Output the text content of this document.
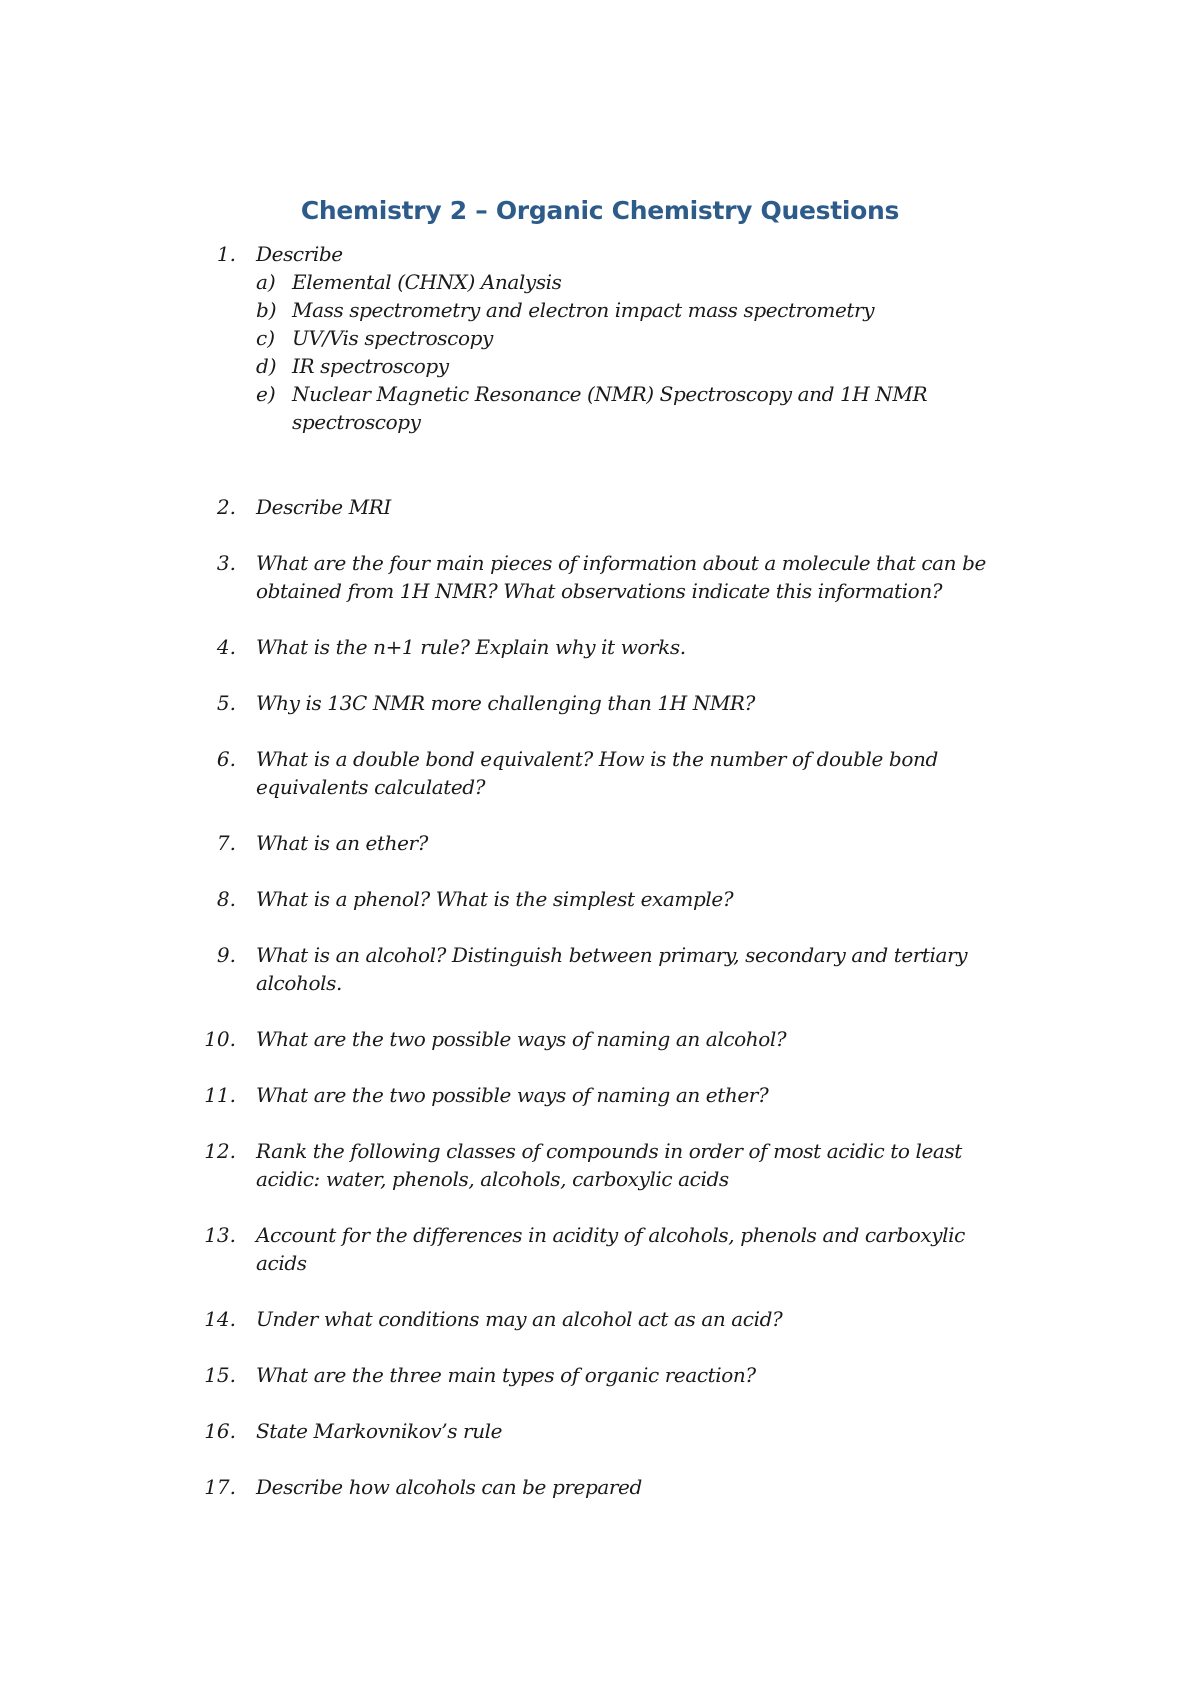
Chemistry 2 – Organic Chemistry Questions
1. Describe
a) Elemental (CHNX) Analysis
b) Mass spectrometry and electron impact mass spectrometry
c) UV/Vis spectroscopy
d) IR spectroscopy
e) Nuclear Magnetic Resonance (NMR) Spectroscopy and 1H NMR spectroscopy
2. Describe MRI
3. What are the four main pieces of information about a molecule that can be obtained from 1H NMR? What observations indicate this information?
4. What is the n+1 rule? Explain why it works.
5. Why is 13C NMR more challenging than 1H NMR?
6. What is a double bond equivalent? How is the number of double bond equivalents calculated?
7. What is an ether?
8. What is a phenol? What is the simplest example?
9. What is an alcohol? Distinguish between primary, secondary and tertiary alcohols.
10. What are the two possible ways of naming an alcohol?
11. What are the two possible ways of naming an ether?
12. Rank the following classes of compounds in order of most acidic to least acidic: water, phenols, alcohols, carboxylic acids
13. Account for the differences in acidity of alcohols, phenols and carboxylic acids
14. Under what conditions may an alcohol act as an acid?
15. What are the three main types of organic reaction?
16. State Markovnikov’s rule
17. Describe how alcohols can be prepared
